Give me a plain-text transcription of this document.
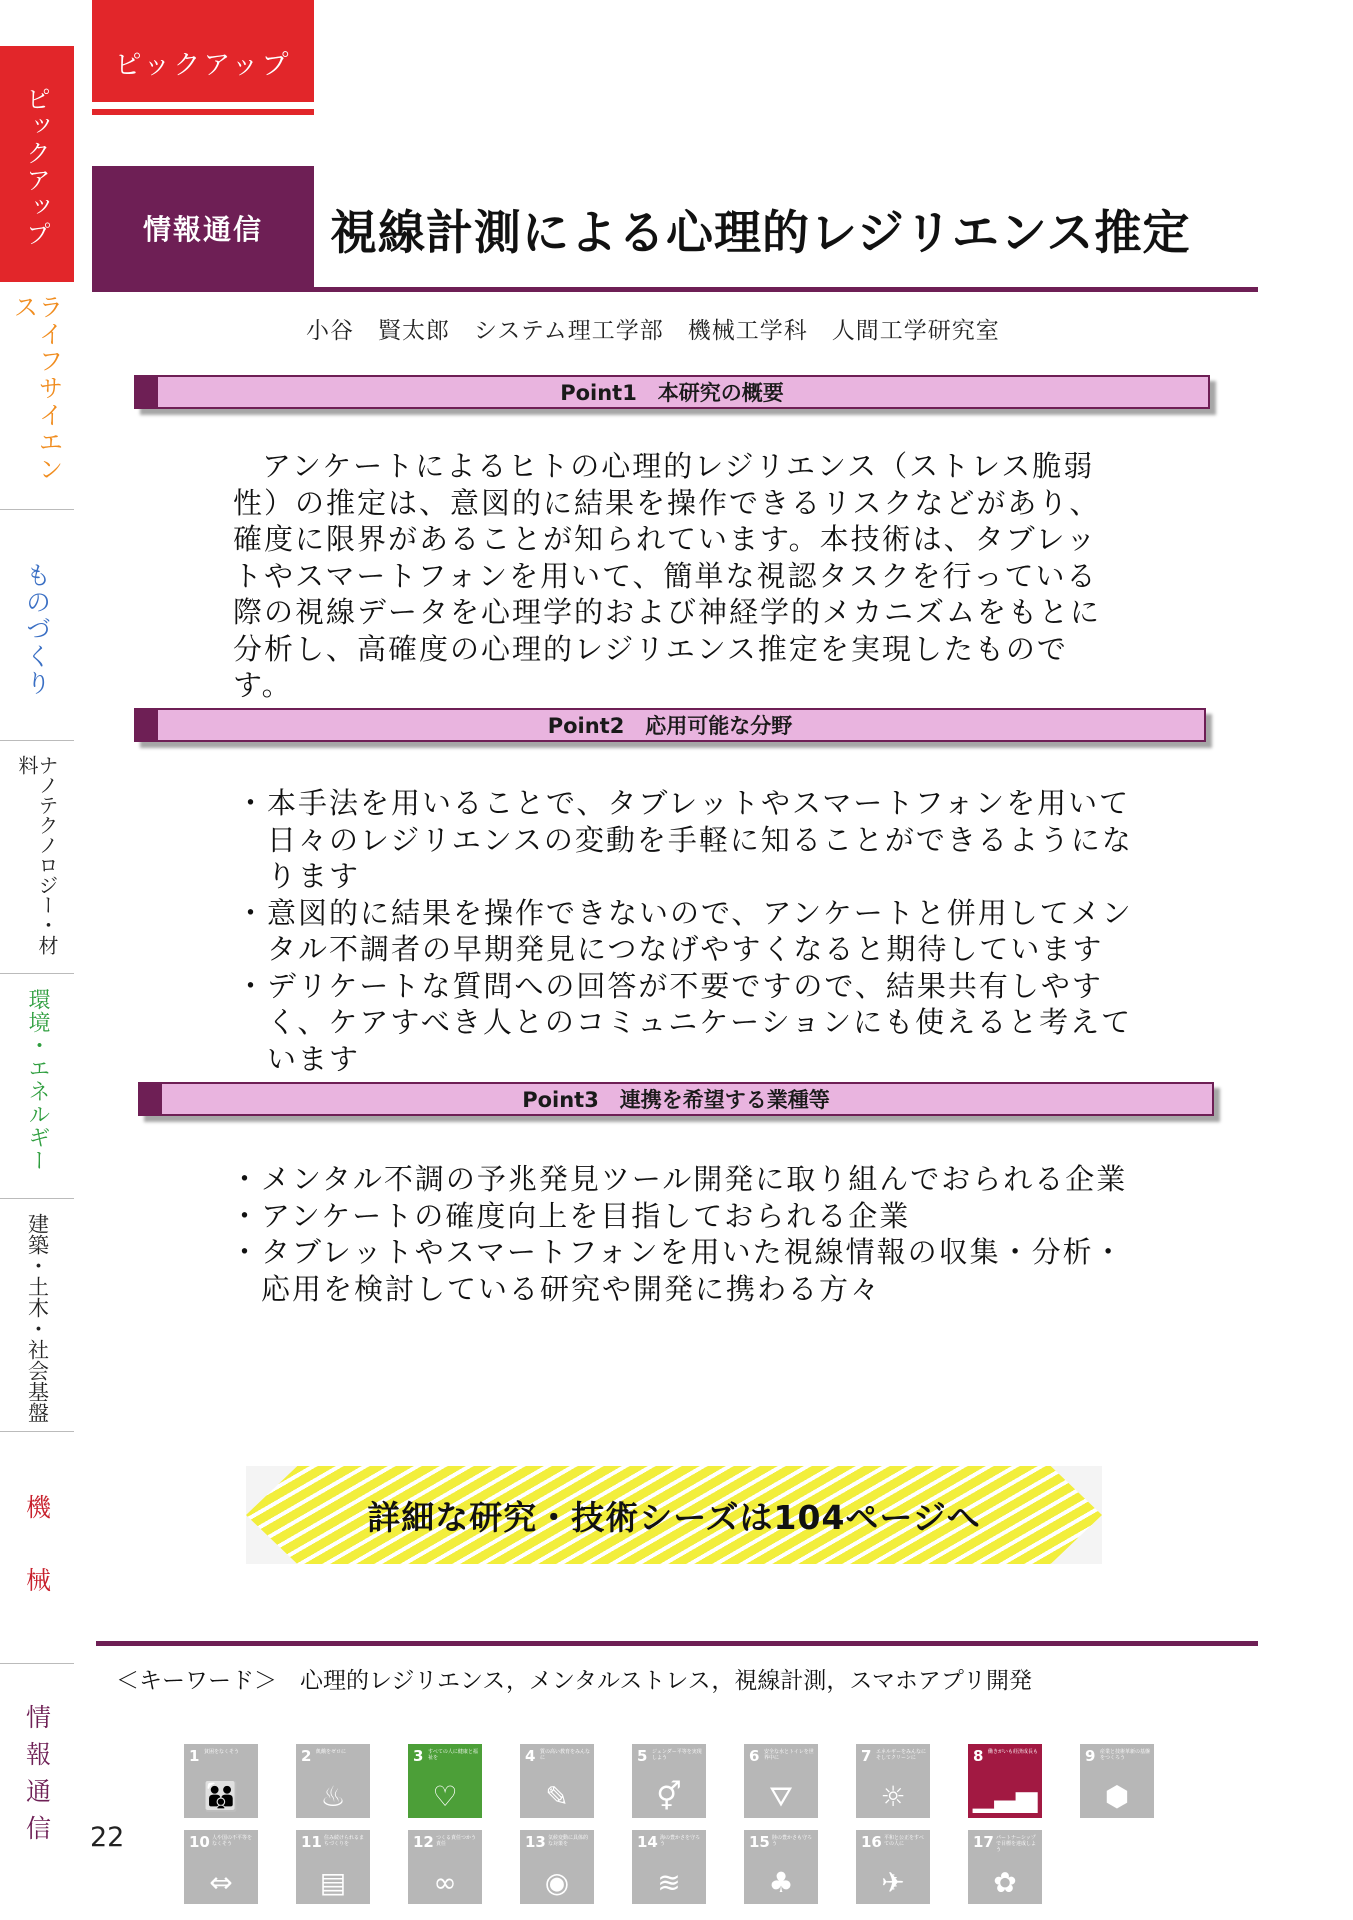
ピックアップ
ライフサイエンス
ものづくり
ナノテクノロジー・材料
環境・エネルギー
建築・土木・社会基盤
機械
情報通信 22
ピックアップ
情報通信	視線計測による心理的レジリエンス推定
小谷　賢太郎　システム理工学部　機械工学科　人間工学研究室
Point1　本研究の概要

アンケートによるヒトの心理的レジリエンス（ストレス脆弱性）の推定は、意図的に結果を操作できるリスクなどがあり、確度に限界があることが知られています。本技術は、タブレットやスマートフォンを用いて、簡単な視認タスクを行っている際の視線データを心理学的および神経学的メカニズムをもとに分析し、高確度の心理的レジリエンス推定を実現したものです。

Point2　応用可能な分野
・ 本手法を用いることで、タブレットやスマートフォンを用いて日々のレジリエンスの変動を手軽に知ることができるようになります
・ 意図的に結果を操作できないので、アンケートと併用してメンタル不調者の早期発見につなげやすくなると期待しています
・ デリケートな質問への回答が不要ですので、結果共有しやすく、ケアすべき人とのコミュニケーションにも使えると考えています
Point3　連携を希望する業種等
・ メンタル不調の予兆発見ツール開発に取り組んでおられる企業
・ アンケートの確度向上を目指しておられる企業
・ タブレットやスマートフォンを用いた視線情報の収集・分析・応用を検討している研究や開発に携わる方々
詳細な研究・技術シーズは104ページへ
＜キーワード＞　心理的レジリエンス，メンタルストレス，視線計測，スマホアプリ開発
1 貧困をなくそう
👪
2 飢餓をゼロに
♨
3 すべての人に健康と福祉を
♡
4 質の高い教育をみんなに
✎
5 ジェンダー平等を実現しよう
⚥
6 安全な水とトイレを世界中に
⛛
7 エネルギーをみんなにそしてクリーンに
☼
8 働きがいも経済成長も
▁▃▅
9 産業と技術革新の基盤をつくろう
⬢
10 人や国の不平等をなくそう
⇔
11 住み続けられるまちづくりを
▤
12 つくる責任つかう責任
∞
13 気候変動に具体的な対策を
◉
14 海の豊かさを守ろう
≋
15 陸の豊かさも守ろう
♣
16 平和と公正をすべての人に
✈
17 パートナーシップで目標を達成しよう
✿
